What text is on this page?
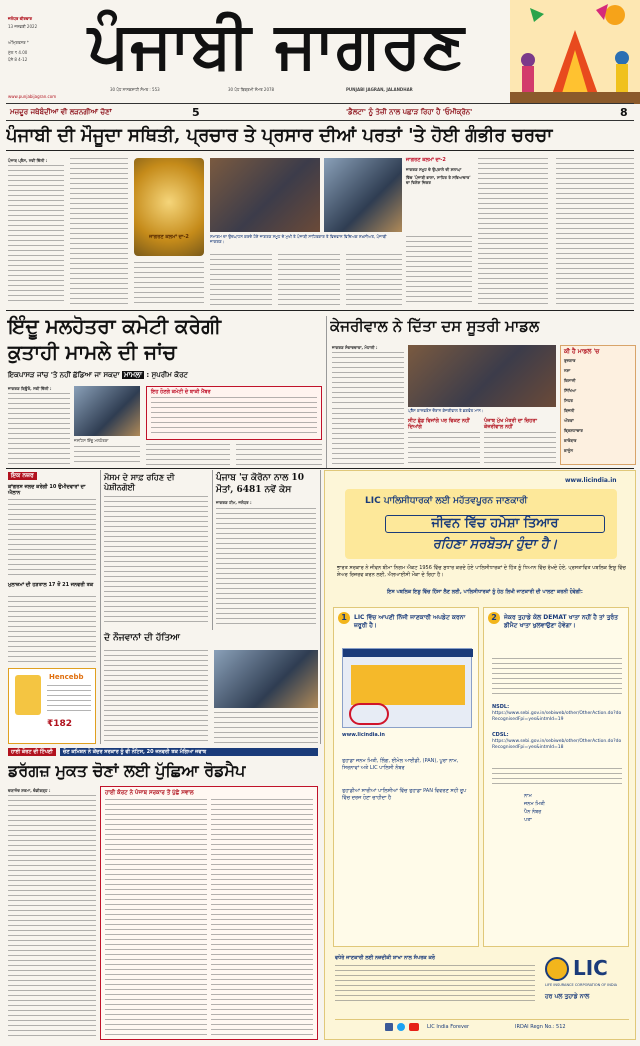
ਜਲੰਧਰ ਵੀਰਵਾਰ
13 ਜਨਵਰੀ 2022
ਅੰਮ੍ਰਿਤਸਰ *
ਮੁੱਲ ₹ 4.00
ਪੰਨੇ 8 4-12
www.punjabijagran.com
ਪੰਜਾਬੀ ਜਾਗਰਣ
30 ਪੋਹ ਨਾਨਕਸ਼ਾਹੀ ਸੰਮਤ : 553	30 ਪੋਹ ਬਿਕ੍ਰਮੀ ਸੰਮਤ 2078	PUNJABI JAGRAN, JALANDHAR
ਮਜ਼ਦੂਰ ਜਥੇਬੰਦੀਆਂ ਵੀ ਲੜਨਗੀਆਂ ਚੋਣਾਂ	5	'ਡੈਲਟਾ' ਨੂੰ ਤੇਜ਼ੀ ਨਾਲ ਪਛਾੜ ਰਿਹਾ ਹੈ 'ਓਮੀਕ੍ਰੋਨ'	8
ਪੰਜਾਬੀ ਦੀ ਮੌਜੂਦਾ ਸਥਿਤੀ, ਪ੍ਰਚਾਰ ਤੇ ਪ੍ਰਸਾਰ ਦੀਆਂ ਪਰਤਾਂ 'ਤੇ ਹੋਈ ਗੰਭੀਰ ਚਰਚਾ
ਪੰਜਾਬ ਪ੍ਰੈਸ, ਨਵੀਂ ਦਿੱਲੀ :
ਜਾਗਰਣ ਕਲਮਾਂ ਦਾ-2	ਸਮਾਗਮ ਦਾ ਉਦਘਾਟਨ ਕਰਦੇ ਹੋਏ ਜਾਗਰਣ ਸਮੂਹ ਦੇ ਮੁਖੀ ਤੇ ਪੰਜਾਬੀ ਸਾਹਿਤਕਾਰ ਤੇ ਵਿਦਵਾਨ ਵਿਦਿਅਕ ਸ਼ਖ਼ਸੀਅਤ, ਪੰਜਾਬੀ ਜਾਗਰਣ।
ਜਾਗਰਣ ਕਲਮਾਂ ਦਾ-2
ਜਾਗਰਣ ਸਮੂਹ ਦੇ ਉਪਰਾਲੇ ਦੀ ਸ਼ਲਾਘਾ
ਵਿੱਚ 'ਪੰਜਾਬੀ ਭਾਸ਼ਾ, ਸਾਹਿਤ ਤੇ ਸਭਿਆਚਾਰ' ਦਾ ਵਿਸ਼ੇਸ਼ ਜ਼ਿਕਰ
ਇੰਦੂ ਮਲਹੋਤਰਾ ਕਮੇਟੀ ਕਰੇਗੀ
ਕੁਤਾਹੀ ਮਾਮਲੇ ਦੀ ਜਾਂਚ
ਇਕਪਾਸੜ ਜਾਂਚ 'ਤੇ ਨਹੀਂ ਛੱਡਿਆ ਜਾ ਸਕਦਾ ਮਾਮਲਾ : ਸੁਪਰੀਮ ਕੋਰਟ
ਜਾਗਰਣ ਬਿਊਰੋ, ਨਵੀਂ ਦਿੱਲੀ :
ਜਸਟਿਸ ਇੰਦੂ ਮਲਹੋਤਰਾ
ਇਹ ਹੋਣਗੇ ਕਮੇਟੀ ਦੇ ਬਾਕੀ ਮੈਂਬਰ
ਕੇਜਰੀਵਾਲ ਨੇ ਦਿੱਤਾ ਦਸ ਸੂਤਰੀ ਮਾਡਲ
ਜਾਗਰਣ ਸੰਵਾਦਦਾਤਾ, ਮੋਹਾਲੀ :
ਪ੍ਰੈੱਸ ਕਾਨਫਰੰਸ ਦੌਰਾਨ ਕੇਜਰੀਵਾਲ ਤੇ ਭਗਵੰਤ ਮਾਨ।
ਕੀ ਹੈ ਮਾਡਲ 'ਚ
ਰੁਜ਼ਗਾਰ
ਨਸ਼ਾ
ਕਿਸਾਨੀ
ਸਿੱਖਿਆ
ਸਿਹਤ
ਬਿਜਲੀ
ਔਰਤਾਂ
ਭ੍ਰਿਸ਼ਟਾਚਾਰ
ਕਾਰੋਬਾਰ
ਕਾਨੂੰਨ
ਸੀਟ ਛੱਡ ਵਿਜਾਂਗੇ ਪਰ ਵਿਕਣ ਨਹੀਂ ਦਿਆਂਗੇ
ਪੰਜਾਬ ਮੁੱਖ ਮੰਤਰੀ ਦਾ ਚਿਹਰਾ ਕੇਜਰੀਵਾਲ ਨਹੀਂ
ਇਕ ਨਜ਼ਰ
ਕਾਂਗਰਸ ਜਲਦ ਕਰੇਗੀ 10 ਉਮੀਦਵਾਰਾਂ ਦਾ ਐਲਾਨ
ਮੁਲਾਜ਼ਮਾਂ ਦੀ ਹੜਤਾਲ 17 ਤੋਂ 21 ਜਨਵਰੀ ਤਕ
Hencebb
₹182
ਹਾਈ ਕੋਰਟ ਦੀ ਟਿੱਪਣੀ
ਮੌਸਮ ਦੇ ਸਾਫ਼ ਰਹਿਣ ਦੀ ਪੇਸ਼ੀਨਗੋਈ
ਦੋ ਨੌਜਵਾਨਾਂ ਦੀ ਹੱਤਿਆ
ਪੰਜਾਬ 'ਚ ਕੋਰੋਨਾ ਨਾਲ 10 ਮੌਤਾਂ, 6481 ਨਵੇਂ ਕੇਸ
ਜਾਗਰਣ ਟੀਮ, ਜਲੰਧਰ :
www.licindia.in
LIC ਪਾਲਿਸੀਧਾਰਕਾਂ ਲਈ ਮਹੱਤਵਪੂਰਨ ਜਾਣਕਾਰੀ
ਜੀਵਨ ਵਿੱਚ ਹਮੇਸ਼ਾ ਤਿਆਰ
ਰਹਿਣਾ ਸਰਬੋਤਮ ਹੁੰਦਾ ਹੈ।
ਭਾਰਤ ਸਰਕਾਰ ਨੇ ਜੀਵਨ ਬੀਮਾ ਨਿਗਮ ਐਕਟ 1956 ਵਿੱਚ ਸੁਧਾਰ ਕਰਦੇ ਹੋਏ ਪਾਲਿਸੀਧਾਰਕਾਂ ਦੇ ਹਿੱਤ ਨੂੰ ਧਿਆਨ ਵਿੱਚ ਰੱਖਦੇ ਹੋਏ, ਪ੍ਰਸਤਾਵਿਤ ਪਬਲਿਕ ਇਸ਼ੂ ਵਿੱਚ ਸ਼ੇਅਰ ਰਿਜ਼ਰਵ ਕਰਨ ਲਈ, ਐਲਆਈਸੀ ਮੌਕਾ ਦੇ ਰਿਹਾ ਹੈ।
ਇਸ ਪਬਲਿਕ ਇਸ਼ੂ ਵਿੱਚ ਹਿੱਸਾ ਲੈਣ ਲਈ, ਪਾਲਿਸੀਧਾਰਕਾਂ ਨੂੰ ਹੇਠ ਲਿਖੀ ਜਾਣਕਾਰੀ ਦੀ ਪਾਲਣਾ ਕਰਨੀ ਹੋਵੇਗੀ:
1	LIC ਵਿੱਚ ਆਪਣੀ ਨਿੱਜੀ ਜਾਣਕਾਰੀ ਅਪਡੇਟ ਕਰਨਾ ਜ਼ਰੂਰੀ ਹੈ।
www.licindia.in
ਤੁਹਾਡਾ ਜਨਮ ਮਿਤੀ, ਲਿੰਗ, ਈਮੇਲ ਆਈਡੀ, (PAN), ਪੂਰਾ ਨਾਮ, ਸਿਰਨਾਵਾਂ ਅਤੇ LIC ਪਾਲਿਸੀ ਨੰਬਰ
ਤੁਹਾਡੀਆਂ ਸਾਰੀਆਂ ਪਾਲਿਸੀਆਂ ਵਿੱਚ ਤੁਹਾਡਾ PAN ਵਿਵਰਣ ਸਹੀ ਰੂਪ ਵਿੱਚ ਦਰਜ ਹੋਣਾ ਚਾਹੀਦਾ ਹੈ
2	ਜੇਕਰ ਤੁਹਾਡੇ ਕੋਲ DEMAT ਖਾਤਾ ਨਹੀਂ ਹੈ ਤਾਂ ਤੁਰੰਤ ਡੀਮੈਟ ਖਾਤਾ ਖੁਲਵਾਉਣਾ ਹੋਵੇਗਾ।
NSDL:
https://www.sebi.gov.in/sebiweb/other/OtherAction.do?doRecognisedFpi=yes&intmId=19
CDSL:
https://www.sebi.gov.in/sebiweb/other/OtherAction.do?doRecognisedFpi=yes&intmId=18
ਨਾਮ
ਜਨਮ ਮਿਤੀ
ਪੈਨ ਨੰਬਰ
ਪਤਾ
ਵਧੇਰੇ ਜਾਣਕਾਰੀ ਲਈ ਨਜ਼ਦੀਕੀ ਸ਼ਾਖਾ ਨਾਲ ਸੰਪਰਕ ਕਰੋ	LIC
LIFE INSURANCE CORPORATION OF INDIA
ਹਰ ਪਲ ਤੁਹਾਡੇ ਨਾਲ
LIC India Forever	IRDAI Regn No.: 512
ਚੋਣ ਕਮਿਸ਼ਨ ਨੇ ਕੇਂਦਰ ਸਰਕਾਰ ਨੂੰ ਵੀ ਨੋਟਿਸ, 20 ਜਨਵਰੀ ਤਕ ਮੰਗਿਆ ਜਵਾਬ
ਡਰੱਗਜ਼ ਮੁਕਤ ਚੋਣਾਂ ਲਈ ਪੁੱਛਿਆ ਰੋਡਮੈਪ
ਦਯਾਨੰਦ ਸ਼ਰਮਾ, ਚੰਡੀਗੜ੍ਹ :	ਹਾਈ ਕੋਰਟ ਨੇ ਪੰਜਾਬ ਸਰਕਾਰ ਤੋਂ ਪੁੱਛੇ ਸਵਾਲ
